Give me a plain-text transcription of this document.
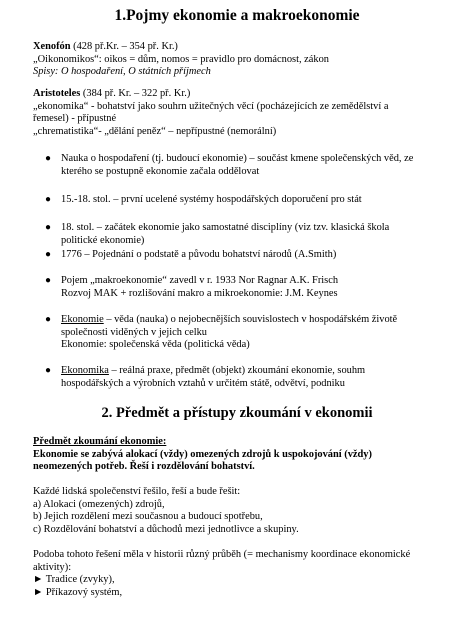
1.Pojmy ekonomie a makroekonomie
Xenofón (428 př.Kr. – 354 př. Kr.)
„Oikonomikos“: oikos = dům, nomos = pravidlo pro domácnost, zákon
Spisy: O hospodaření, O státních příjmech
Aristoteles (384 př. Kr. – 322 př. Kr.)
„ekonomika“ - bohatství jako souhrn užitečných věcí (pocházejících ze zemědělství a
řemesel) - přípustné
„chrematistika“- „dělání peněz“ – nepřípustné (nemorální)
● Nauka o hospodaření (tj. budoucí ekonomie) – součást kmene společenských věd, ze
kterého se postupně ekonomie začala oddělovat
● 15.-18. stol. – první ucelené systémy hospodářských doporučení pro stát
● 18. stol. – začátek ekonomie jako samostatné disciplíny (viz tzv. klasická škola
politické ekonomie)
● 1776 – Pojednání o podstatě a původu bohatství národů (A.Smith)
● Pojem „makroekonomie“ zavedl v r. 1933 Nor Ragnar A.K. Frisch
Rozvoj MAK + rozlišování makro a mikroekonomie: J.M. Keynes
● Ekonomie – věda (nauka) o nejobecnějších souvislostech v hospodářském životě
společnosti viděných v jejich celku
Ekonomie: společenská věda (politická věda)
● Ekonomika – reálná praxe, předmět (objekt) zkoumání ekonomie, souhm
hospodářských a výrobních vztahů v určitém státě, odvětví, podniku
2. Předmět a přístupy zkoumání v ekonomii
Předmět zkoumání ekonomie:
Ekonomie se zabývá alokací (vždy) omezených zdrojů k uspokojování (vždy)
neomezených potřeb. Řeší i rozdělování bohatství.
Každé lidská společenství řešilo, řeší a bude řešit:
a) Alokaci (omezených) zdrojů,
b) Jejich rozdělení mezi současnou a budoucí spotřebu,
c) Rozdělování bohatství a důchodů mezi jednotlivce a skupiny.
Podoba tohoto řešení měla v historii různý průběh (= mechanismy koordinace ekonomické
aktivity):
► Tradice (zvyky),
► Příkazový systém,
